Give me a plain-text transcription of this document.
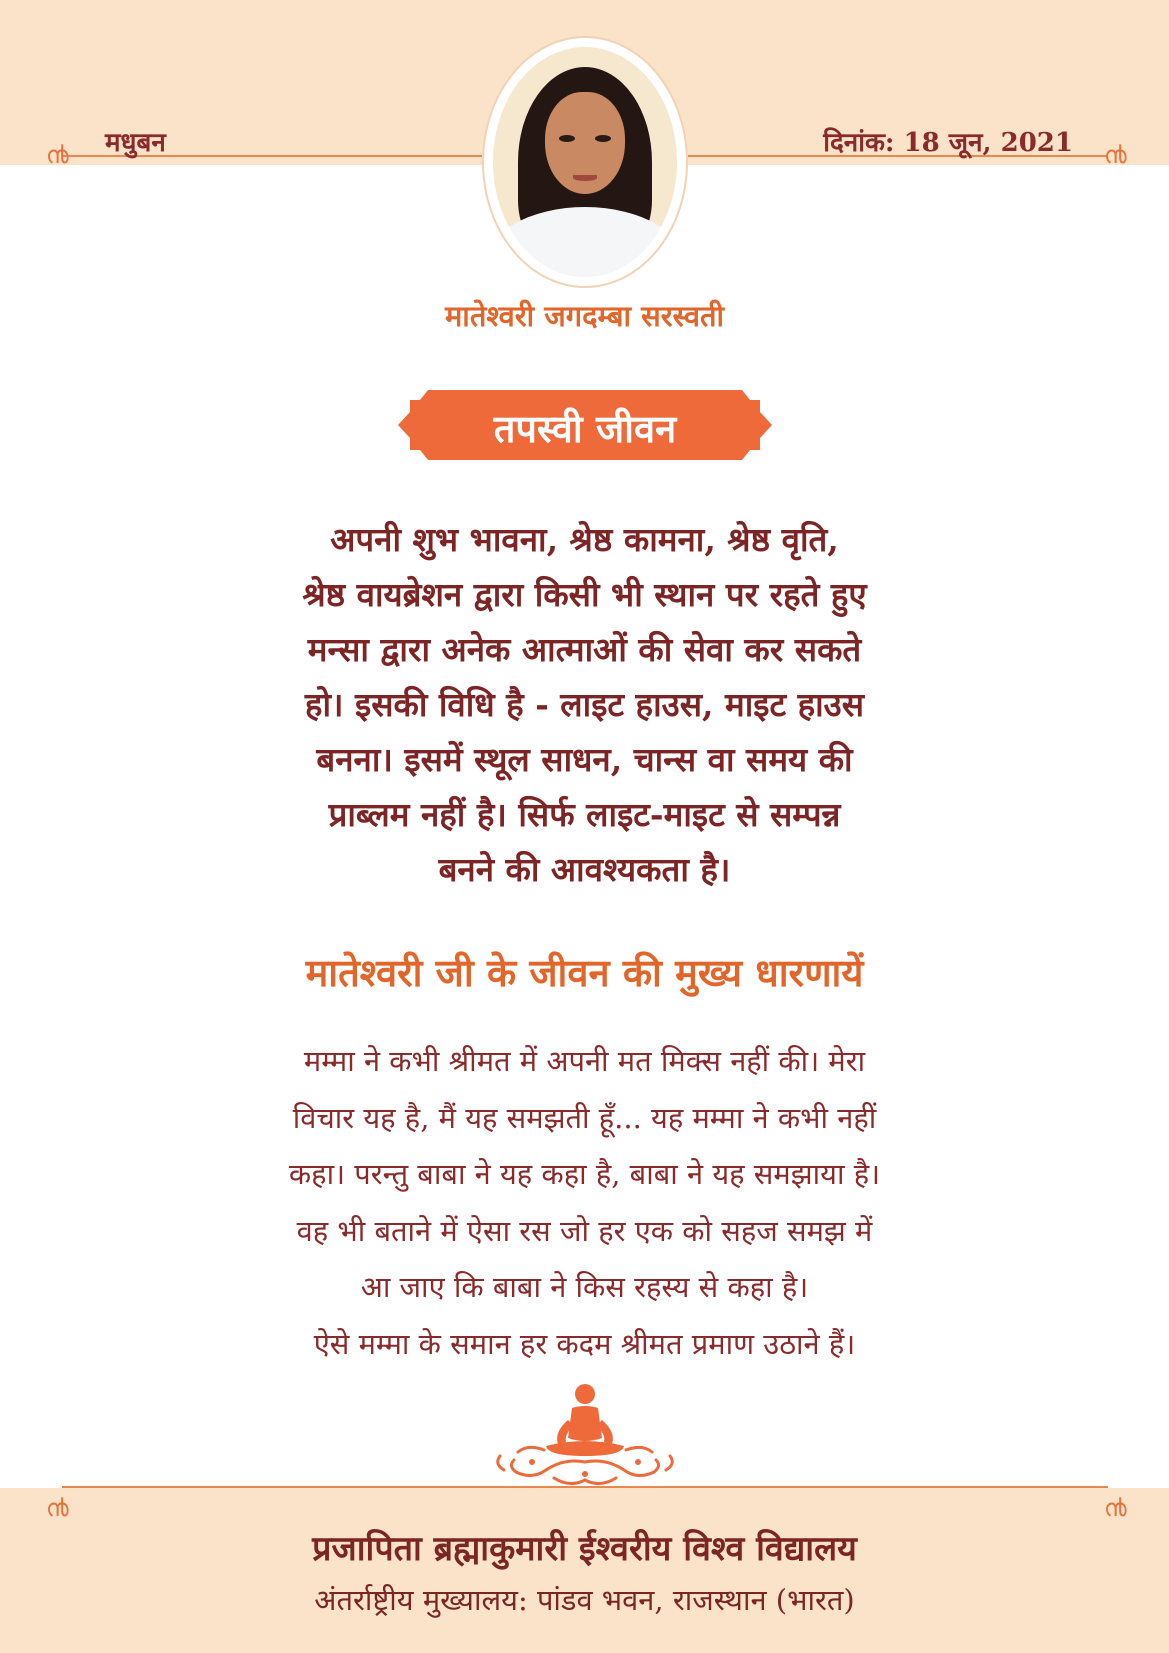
൯	൯
मधुबन	दिनांक: 18 जून, 2021
मातेश्वरी जगदम्बा सरस्वती
तपस्वी जीवन
अपनी शुभ भावना, श्रेष्ठ कामना, श्रेष्ठ वृति,
श्रेष्ठ वायब्रेशन द्वारा किसी भी स्थान पर रहते हुए
मन्सा द्वारा अनेक आत्माओं की सेवा कर सकते
हो। इसकी विधि है - लाइट हाउस, माइट हाउस
बनना। इसमें स्थूल साधन, चान्स वा समय की
प्राब्लम नहीं है। सिर्फ लाइट-माइट से सम्पन्न
बनने की आवश्यकता है।
मातेश्वरी जी के जीवन की मुख्य धारणायें
मम्मा ने कभी श्रीमत में अपनी मत मिक्स नहीं की। मेरा
विचार यह है, मैं यह समझती हूँ... यह मम्मा ने कभी नहीं
कहा। परन्तु बाबा ने यह कहा है, बाबा ने यह समझाया है।
वह भी बताने में ऐसा रस जो हर एक को सहज समझ में
आ जाए कि बाबा ने किस रहस्य से कहा है।
ऐसे मम्मा के समान हर कदम श्रीमत प्रमाण उठाने हैं।
൯	൯
प्रजापिता ब्रह्माकुमारी ईश्वरीय विश्व विद्यालय
अंतर्राष्ट्रीय मुख्यालय: पांडव भवन, राजस्थान (भारत)
